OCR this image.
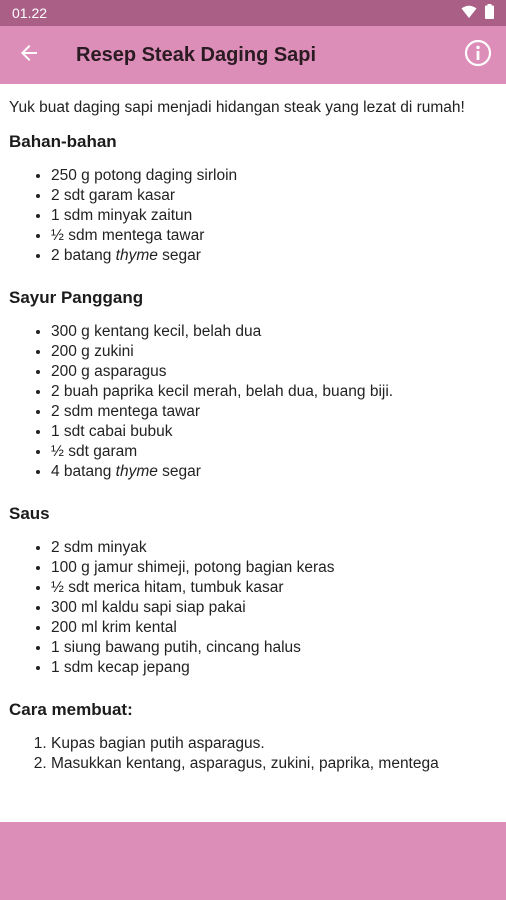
01.22
Resep Steak Daging Sapi

Yuk buat daging sapi menjadi hidangan steak yang lezat di rumah!

Bahan-bahan
• 250 g potong daging sirloin
• 2 sdt garam kasar
• 1 sdm minyak zaitun
• ½ sdm mentega tawar
• 2 batang thyme segar
Sayur Panggang
• 300 g kentang kecil, belah dua
• 200 g zukini
• 200 g asparagus
• 2 buah paprika kecil merah, belah dua, buang biji.
• 2 sdm mentega tawar
• 1 sdt cabai bubuk
• ½ sdt garam
• 4 batang thyme segar
Saus
• 2 sdm minyak
• 100 g jamur shimeji, potong bagian keras
• ½ sdt merica hitam, tumbuk kasar
• 300 ml kaldu sapi siap pakai
• 200 ml krim kental
• 1 siung bawang putih, cincang halus
• 1 sdm kecap jepang
Cara membuat:
1. Kupas bagian putih asparagus.
2. Masukkan kentang, asparagus, zukini, paprika, mentega
